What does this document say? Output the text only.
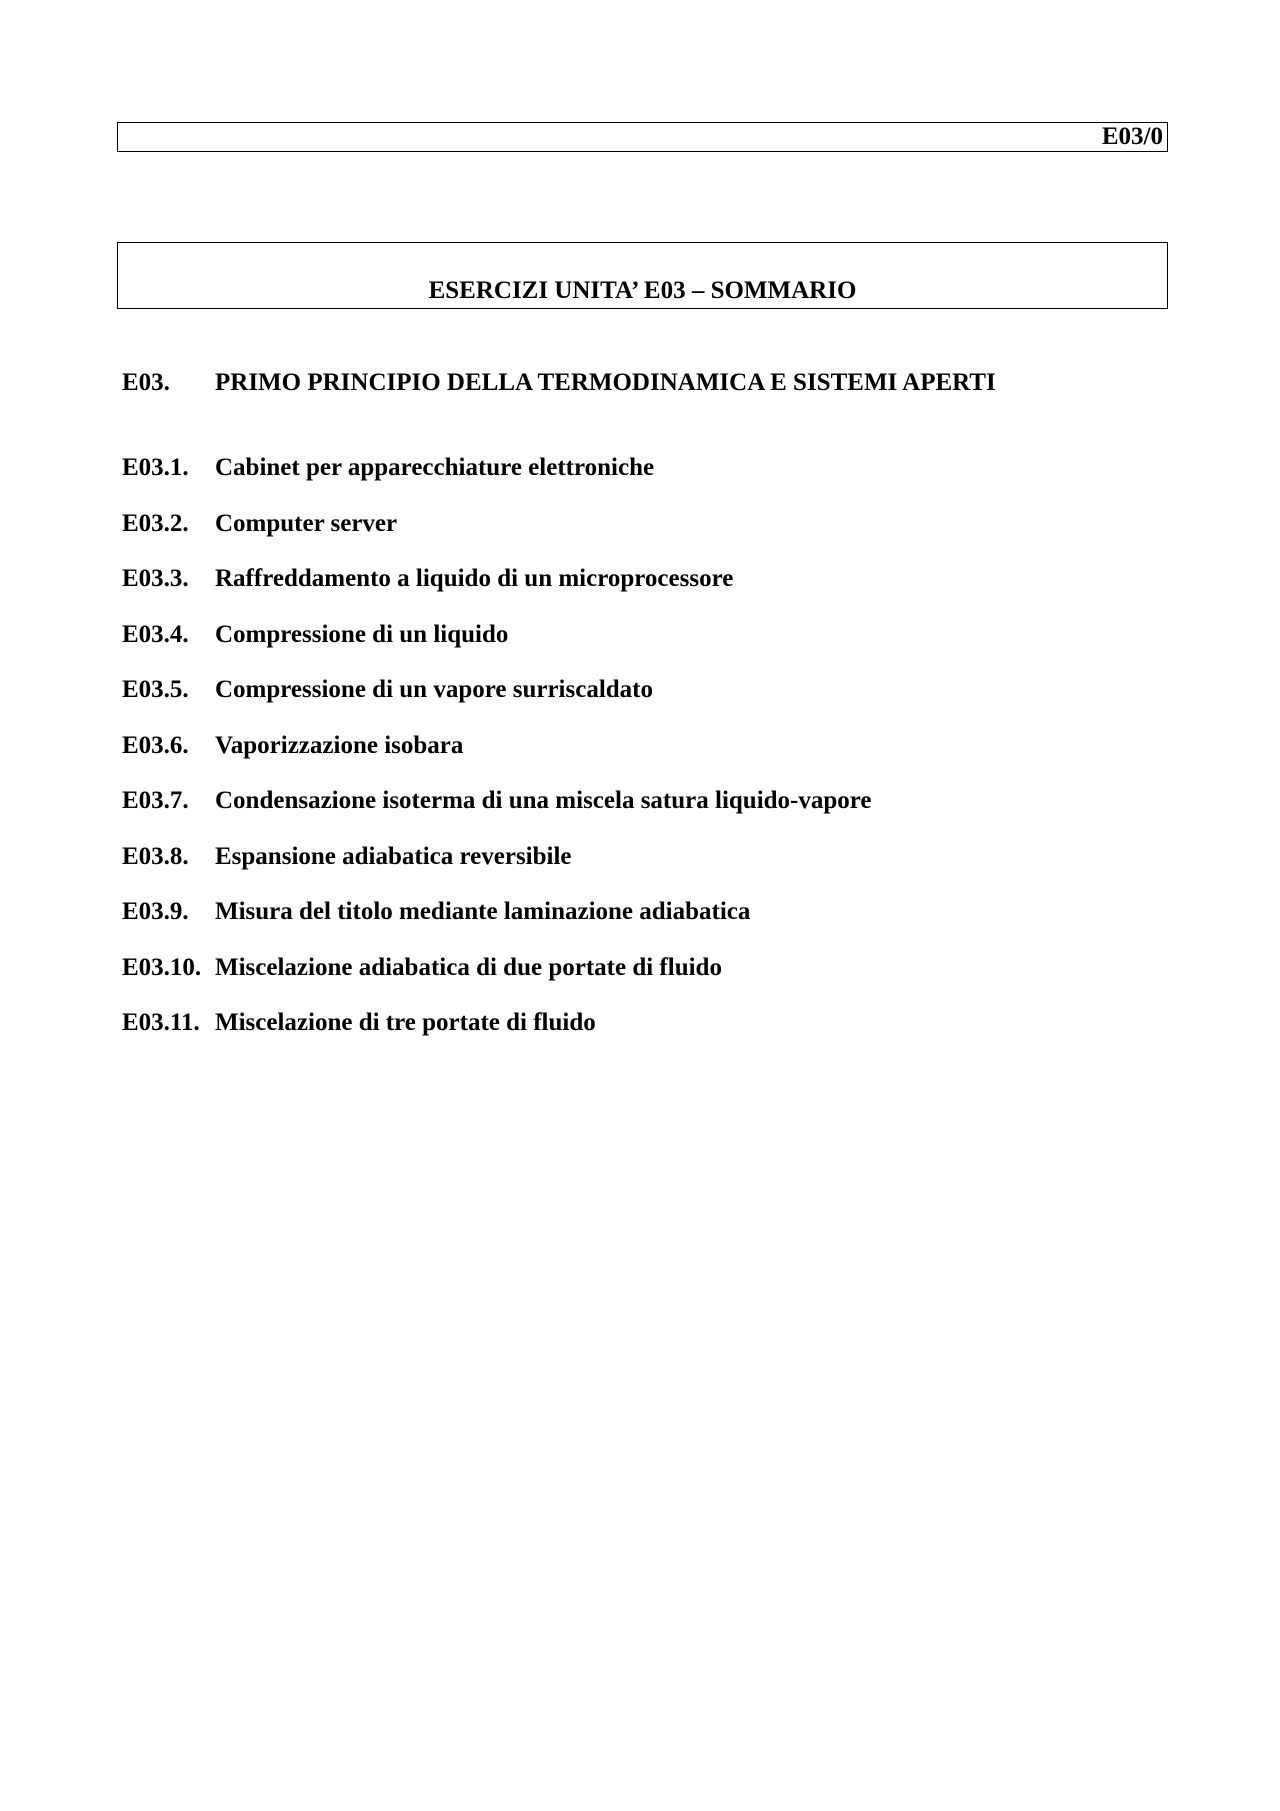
E03/0
ESERCIZI UNITA’ E03 – SOMMARIO
E03. PRIMO PRINCIPIO DELLA TERMODINAMICA E SISTEMI APERTI
E03.1. Cabinet per apparecchiature elettroniche
E03.2. Computer server
E03.3. Raffreddamento a liquido di un microprocessore
E03.4. Compressione di un liquido
E03.5. Compressione di un vapore surriscaldato
E03.6. Vaporizzazione isobara
E03.7. Condensazione isoterma di una miscela satura liquido-vapore
E03.8. Espansione adiabatica reversibile
E03.9. Misura del titolo mediante laminazione adiabatica
E03.10. Miscelazione adiabatica di due portate di fluido
E03.11. Miscelazione di tre portate di fluido
